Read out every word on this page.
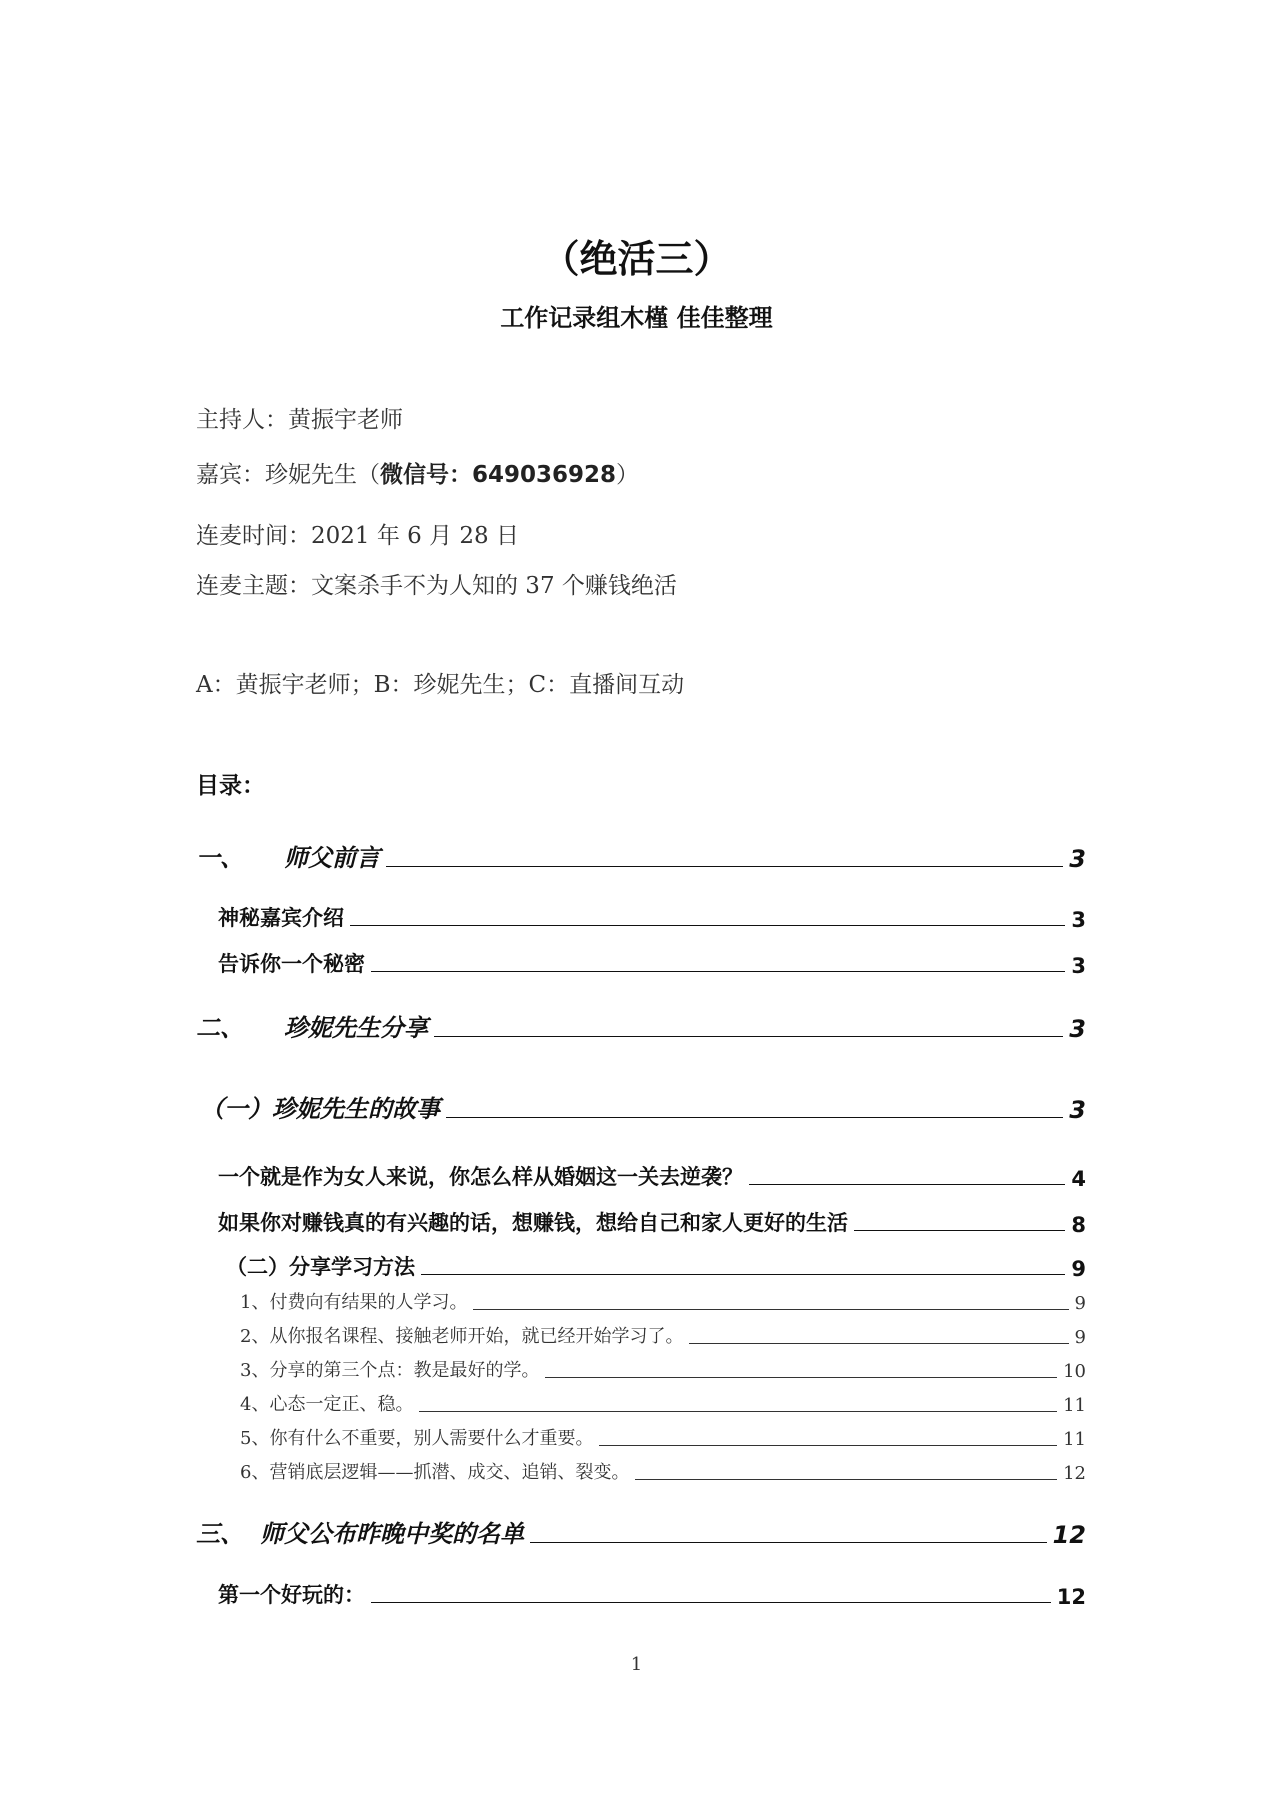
（绝活三）
工作记录组木槿 佳佳整理
主持人：黄振宇老师
嘉宾：珍妮先生（微信号：649036928）
连麦时间：2021 年 6 月 28 日
连麦主题：文案杀手不为人知的 37 个赚钱绝活
A：黄振宇老师；B：珍妮先生；C：直播间互动
目录：
一、 师父前言	3
神秘嘉宾介绍	3
告诉你一个秘密	3
二、 珍妮先生分享	3
（一）珍妮先生的故事	3
一个就是作为女人来说，你怎么样从婚姻这一关去逆袭？	4
如果你对赚钱真的有兴趣的话，想赚钱，想给自己和家人更好的生活	8
（二）分享学习方法	9
1、付费向有结果的人学习。	9
2、从你报名课程、接触老师开始，就已经开始学习了。	9
3、分享的第三个点：教是最好的学。	10
4、心态一定正、稳。	11
5、你有什么不重要，别人需要什么才重要。	11
6、营销底层逻辑——抓潜、成交、追销、裂变。	12
三、 师父公布昨晚中奖的名单	12
第一个好玩的：	12
1
